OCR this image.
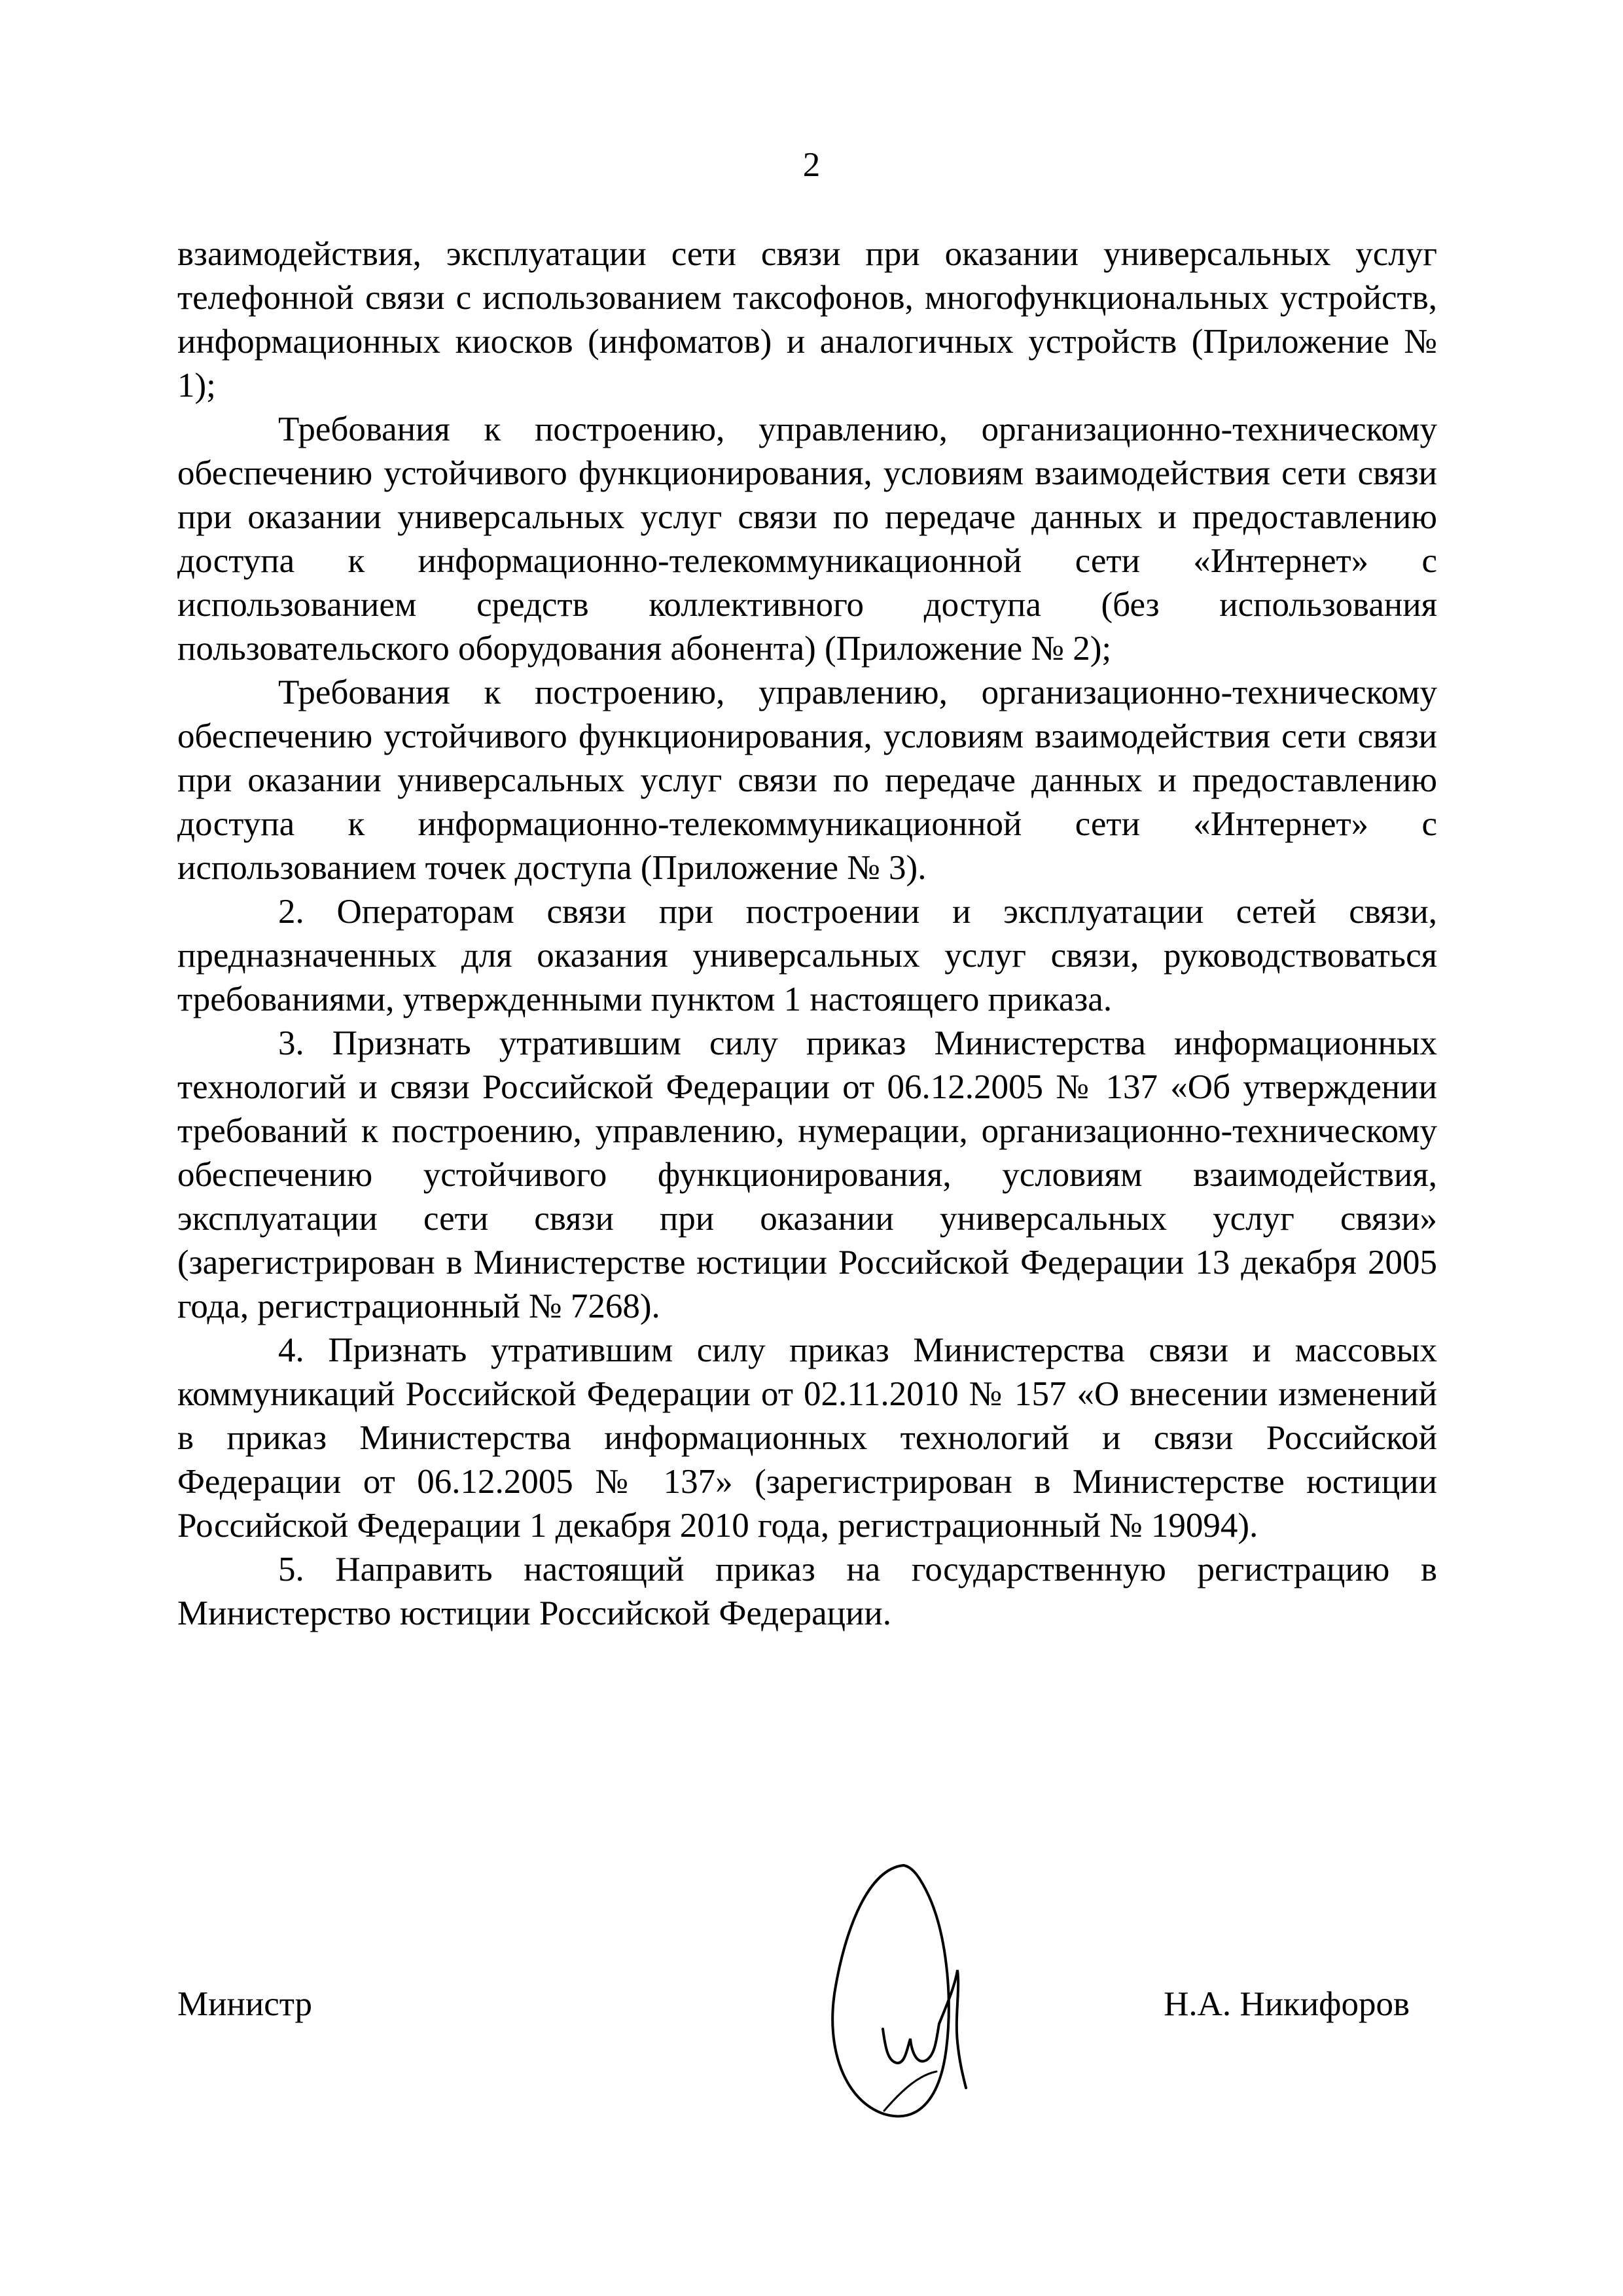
2

взаимодействия, эксплуатации сети связи при оказании универсальных услуг телефонной связи с использованием таксофонов, многофункциональных устройств, информационных киосков (инфоматов) и аналогичных устройств (Приложение № 1);

Требования к построению, управлению, организационно-техническому обеспечению устойчивого функционирования, условиям взаимодействия сети связи при оказании универсальных услуг связи по передаче данных и предоставлению доступа к информационно-телекоммуникационной сети «Интернет» с использованием средств коллективного доступа (без использования пользовательского оборудования абонента) (Приложение № 2);

Требования к построению, управлению, организационно-техническому обеспечению устойчивого функционирования, условиям взаимодействия сети связи при оказании универсальных услуг связи по передаче данных и предоставлению доступа к информационно-телекоммуникационной сети «Интернет» с использованием точек доступа (Приложение № 3).

2. Операторам связи при построении и эксплуатации сетей связи, предназначенных для оказания универсальных услуг связи, руководствоваться требованиями, утвержденными пунктом 1 настоящего приказа.

3. Признать утратившим силу приказ Министерства информационных технологий и связи Российской Федерации от 06.12.2005 № 137 «Об утверждении требований к построению, управлению, нумерации, организационно-техническому обеспечению устойчивого функционирования, условиям взаимодействия, эксплуатации сети связи при оказании универсальных услуг связи» (зарегистрирован в Министерстве юстиции Российской Федерации 13 декабря 2005 года, регистрационный № 7268).

4. Признать утратившим силу приказ Министерства связи и массовых коммуникаций Российской Федерации от 02.11.2010 № 157 «О внесении изменений в приказ Министерства информационных технологий и связи Российской Федерации от 06.12.2005 № 137» (зарегистрирован в Министерстве юстиции Российской Федерации 1 декабря 2010 года, регистрационный № 19094).

5. Направить настоящий приказ на государственную регистрацию в Министерство юстиции Российской Федерации.

Министр	Н.А. Никифоров
